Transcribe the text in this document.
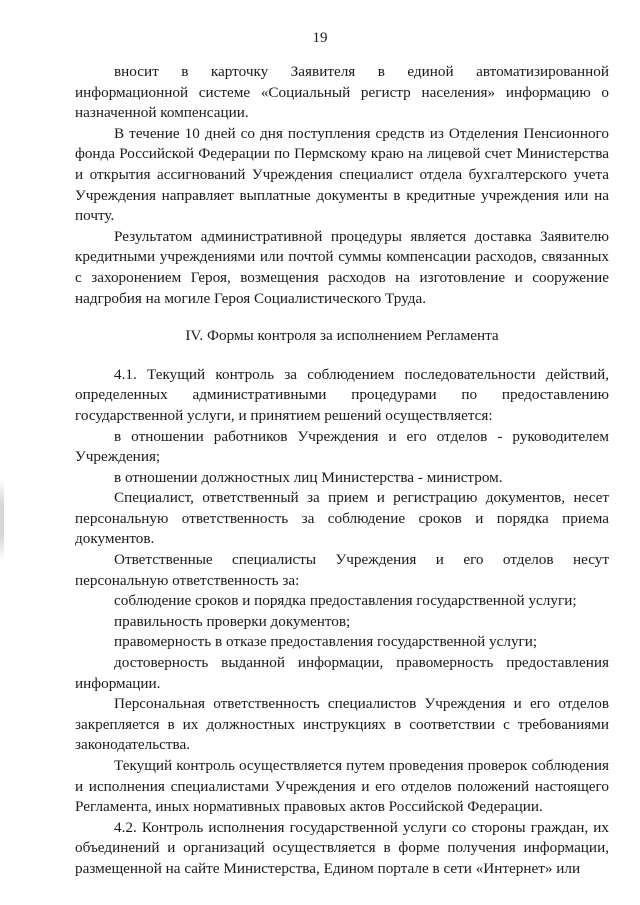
19

вносит в карточку Заявителя в единой автоматизированной информационной системе «Социальный регистр населения» информацию о назначенной компенсации.

В течение 10 дней со дня поступления средств из Отделения Пенсионного фонда Российской Федерации по Пермскому краю на лицевой счет Министерства и открытия ассигнований Учреждения специалист отдела бухгалтерского учета Учреждения направляет выплатные документы в кредитные учреждения или на почту.

Результатом административной процедуры является доставка Заявителю кредитными учреждениями или почтой суммы компенсации расходов, связанных с захоронением Героя, возмещения расходов на изготовление и сооружение надгробия на могиле Героя Социалистического Труда.

IV. Формы контроля за исполнением Регламента

4.1. Текущий контроль за соблюдением последовательности действий, определенных административными процедурами по предоставлению государственной услуги, и принятием решений осуществляется:

в отношении работников Учреждения и его отделов - руководителем Учреждения;

в отношении должностных лиц Министерства - министром.

Специалист, ответственный за прием и регистрацию документов, несет персональную ответственность за соблюдение сроков и порядка приема документов.

Ответственные специалисты Учреждения и его отделов несут персональную ответственность за:

соблюдение сроков и порядка предоставления государственной услуги;

правильность проверки документов;

правомерность в отказе предоставления государственной услуги;

достоверность выданной информации, правомерность предоставления информации.

Персональная ответственность специалистов Учреждения и его отделов закрепляется в их должностных инструкциях в соответствии с требованиями законодательства.

Текущий контроль осуществляется путем проведения проверок соблюдения и исполнения специалистами Учреждения и его отделов положений настоящего Регламента, иных нормативных правовых актов Российской Федерации.

4.2. Контроль исполнения государственной услуги со стороны граждан, их объединений и организаций осуществляется в форме получения информации, размещенной на сайте Министерства, Едином портале в сети «Интернет» или
